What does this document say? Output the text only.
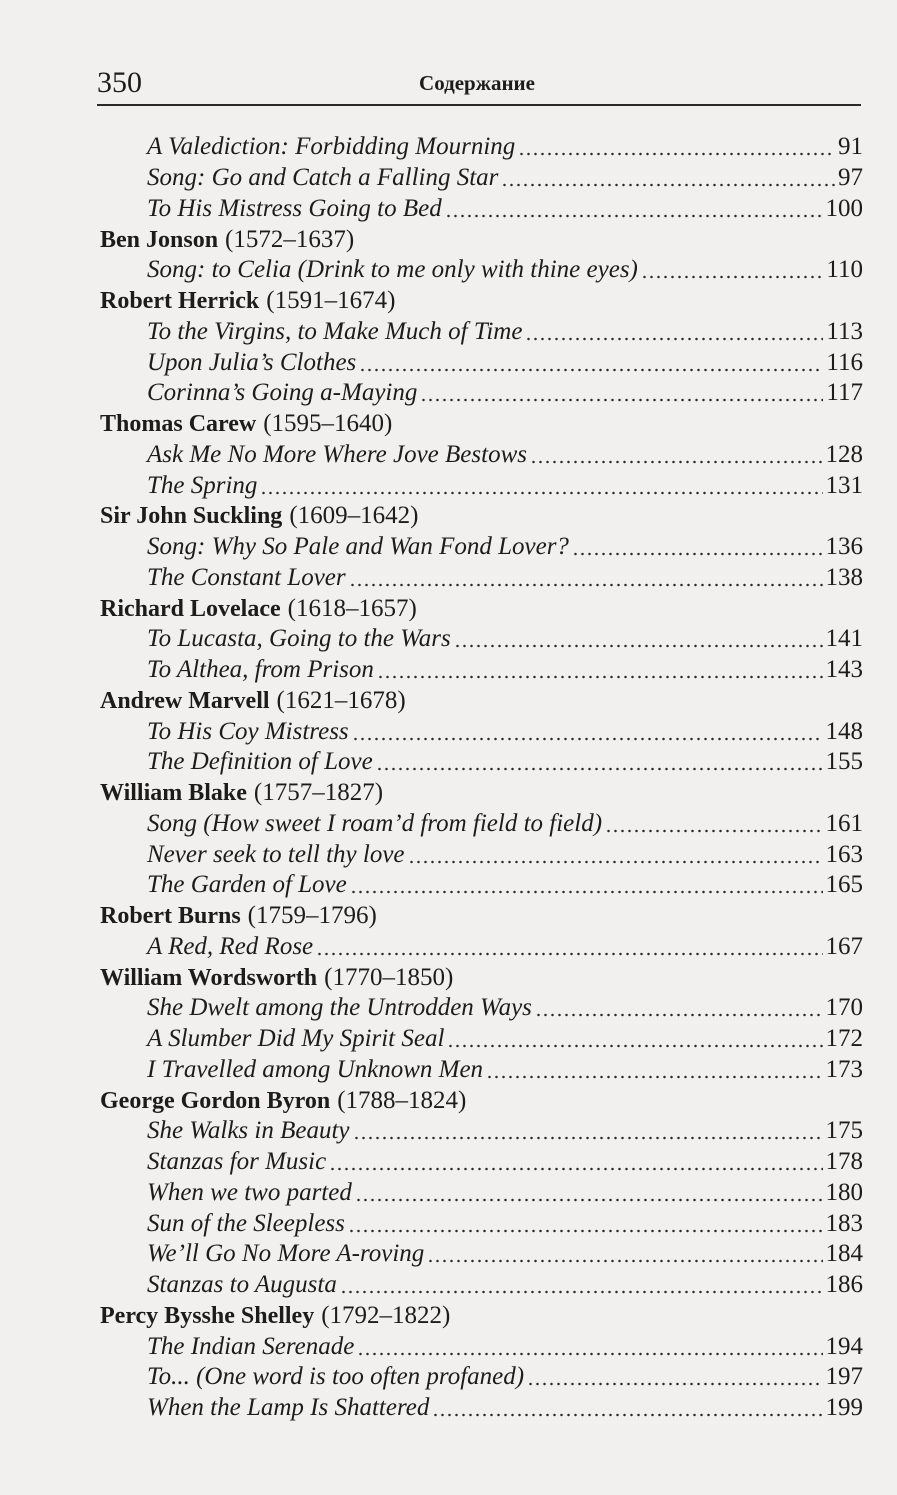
350	Содержание
A Valediction: Forbidding Mourning	91
Song: Go and Catch a Falling Star	97
To His Mistress Going to Bed	100
Ben Jonson (1572–1637)
Song: to Celia (Drink to me only with thine eyes)	110
Robert Herrick (1591–1674)
To the Virgins, to Make Much of Time	113
Upon Julia’s Clothes	116
Corinna’s Going a-Maying	117
Thomas Carew (1595–1640)
Ask Me No More Where Jove Bestows	128
The Spring	131
Sir John Suckling (1609–1642)
Song: Why So Pale and Wan Fond Lover?	136
The Constant Lover	138
Richard Lovelace (1618–1657)
To Lucasta, Going to the Wars	141
To Althea, from Prison	143
Andrew Marvell (1621–1678)
To His Coy Mistress	148
The Definition of Love	155
William Blake (1757–1827)
Song (How sweet I roam’d from field to field)	161
Never seek to tell thy love	163
The Garden of Love	165
Robert Burns (1759–1796)
A Red, Red Rose	167
William Wordsworth (1770–1850)
She Dwelt among the Untrodden Ways	170
A Slumber Did My Spirit Seal	172
I Travelled among Unknown Men	173
George Gordon Byron (1788–1824)
She Walks in Beauty	175
Stanzas for Music	178
When we two parted	180
Sun of the Sleepless	183
We’ll Go No More A-roving	184
Stanzas to Augusta	186
Percy Bysshe Shelley (1792–1822)
The Indian Serenade	194
To... (One word is too often profaned)	197
When the Lamp Is Shattered	199
